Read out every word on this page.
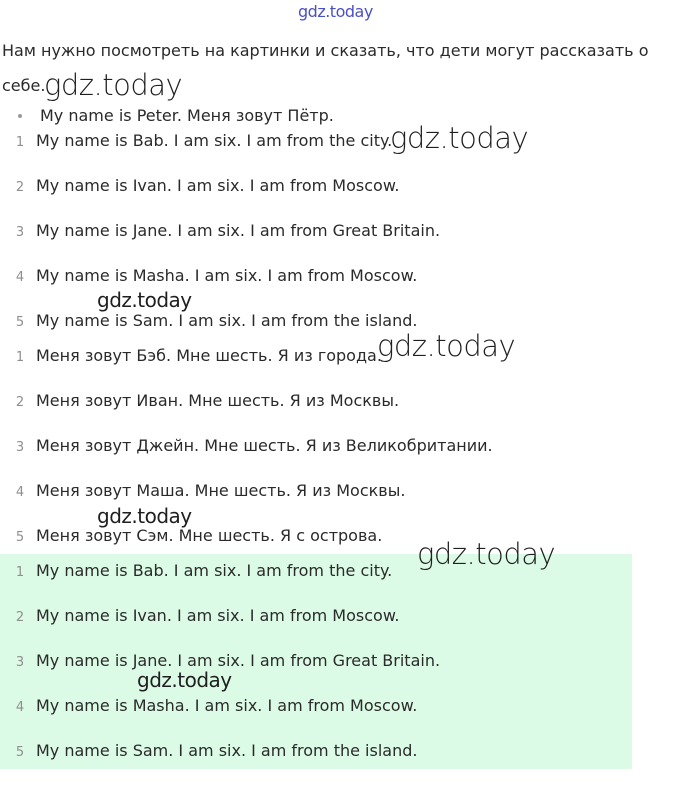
gdz.today
Нам нужно посмотреть на картинки и сказать, что дети могут рассказать о себе.
My name is Peter. Меня зовут Пётр.
1 My name is Bab. I am six. I am from the city.
2 My name is Ivan. I am six. I am from Moscow.
3 My name is Jane. I am six. I am from Great Britain.
4 My name is Masha. I am six. I am from Moscow.
5 My name is Sam. I am six. I am from the island.
1 Меня зовут Бэб. Мне шесть. Я из города.
2 Меня зовут Иван. Мне шесть. Я из Москвы.
3 Меня зовут Джейн. Мне шесть. Я из Великобритании.
4 Меня зовут Маша. Мне шесть. Я из Москвы.
5 Меня зовут Сэм. Мне шесть. Я с острова.
1 My name is Bab. I am six. I am from the city.
2 My name is Ivan. I am six. I am from Moscow.
3 My name is Jane. I am six. I am from Great Britain.
4 My name is Masha. I am six. I am from Moscow.
5 My name is Sam. I am six. I am from the island.
gdz.today
gdz.today
gdz.today
gdz.today
gdz.today
gdz.today
gdz.today
